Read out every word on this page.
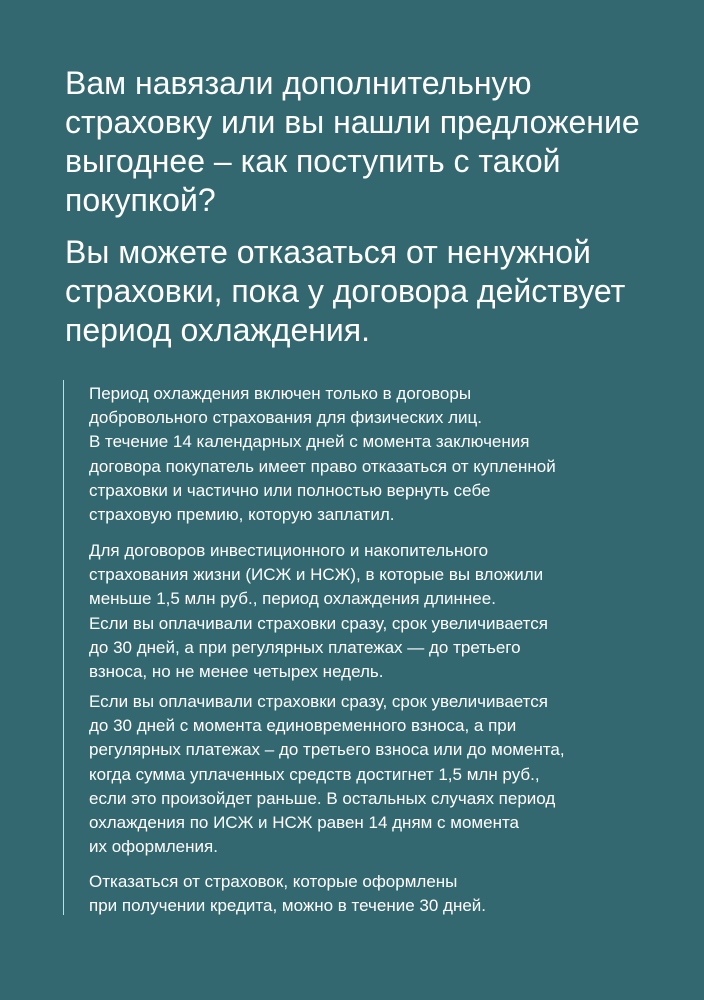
Вам навязали дополнительную
страховку или вы нашли предложение
выгоднее – как поступить с такой
покупкой?
Вы можете отказаться от ненужной
страховки, пока у договора действует
период охлаждения.

Период охлаждения включен только в договоры
добровольного страхования для физических лиц.
В течение 14 календарных дней с момента заключения
договора покупатель имеет право отказаться от купленной
страховки и частично или полностью вернуть себе
страховую премию, которую заплатил.

Для договоров инвестиционного и накопительного
страхования жизни (ИСЖ и НСЖ), в которые вы вложили
меньше 1,5 млн руб., период охлаждения длиннее.
Если вы оплачивали страховки сразу, срок увеличивается
до 30 дней, а при регулярных платежах — до третьего
взноса, но не менее четырех недель.

Если вы оплачивали страховки сразу, срок увеличивается
до 30 дней с момента единовременного взноса, а при
регулярных платежах – до третьего взноса или до момента,
когда сумма уплаченных средств достигнет 1,5 млн руб.,
если это произойдет раньше. В остальных случаях период
охлаждения по ИСЖ и НСЖ равен 14 дням с момента
их оформления.

Отказаться от страховок, которые оформлены
при получении кредита, можно в течение 30 дней.
